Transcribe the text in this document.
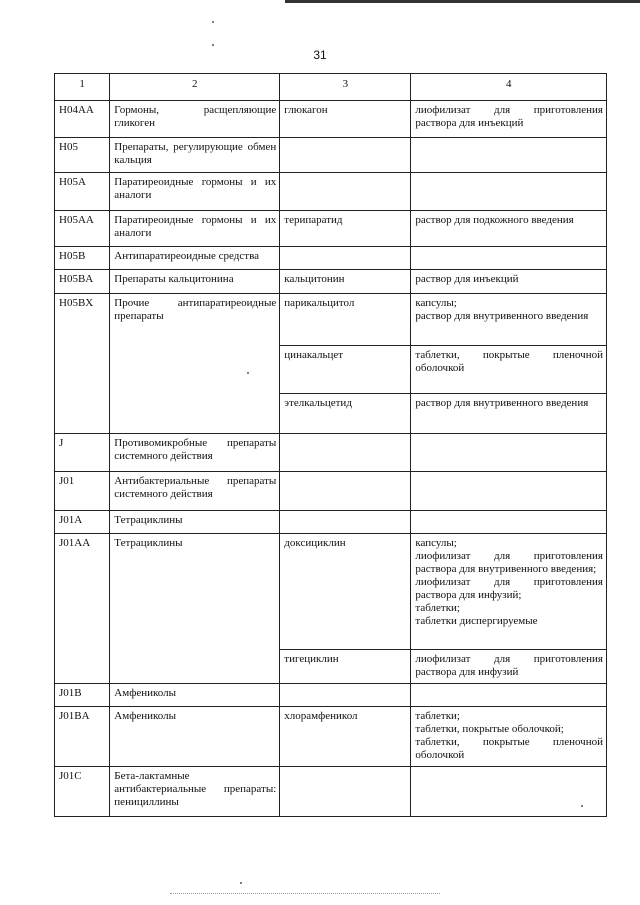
31
1	2	3	4
H04AA	Гормоны, расщепляющие гликоген	глюкагон	лиофилизат для приготовления раствора для инъекций

H05	Препараты, регулирующие обмен кальция		
H05A	Паратиреоидные гормоны и их аналоги		
H05AA	Паратиреоидные гормоны и их аналоги	терипаратид	раствор для подкожного введения

H05B	Антипаратиреоидные средства		
H05BA	Препараты кальцитонина	кальцитонин	раствор для инъекций

H05BX	Прочие антипаратиреоидные препараты	парикальцитол	капсулы;
раствор для внутривенного введения

		цинакальцет	таблетки, покрытые пленочной оболочкой

		этелкальцетид	раствор для внутривенного введения

J	Противомикробные препараты системного действия		
J01	Антибактериальные препараты системного действия		
J01A	Тетрациклины		
J01AA	Тетрациклины	доксициклин	капсулы;
лиофилизат для приготовления раствора для внутривенного введения;
лиофилизат для приготовления раствора для инфузий;
таблетки;
таблетки диспергируемые

		тигециклин	лиофилизат для приготовления раствора для инфузий

J01B	Амфениколы		
J01BA	Амфениколы	хлорамфеникол	таблетки;
таблетки, покрытые оболочкой;
таблетки, покрытые пленочной оболочкой

J01C	Бета-лактамные антибактериальные препараты: пенициллины		
